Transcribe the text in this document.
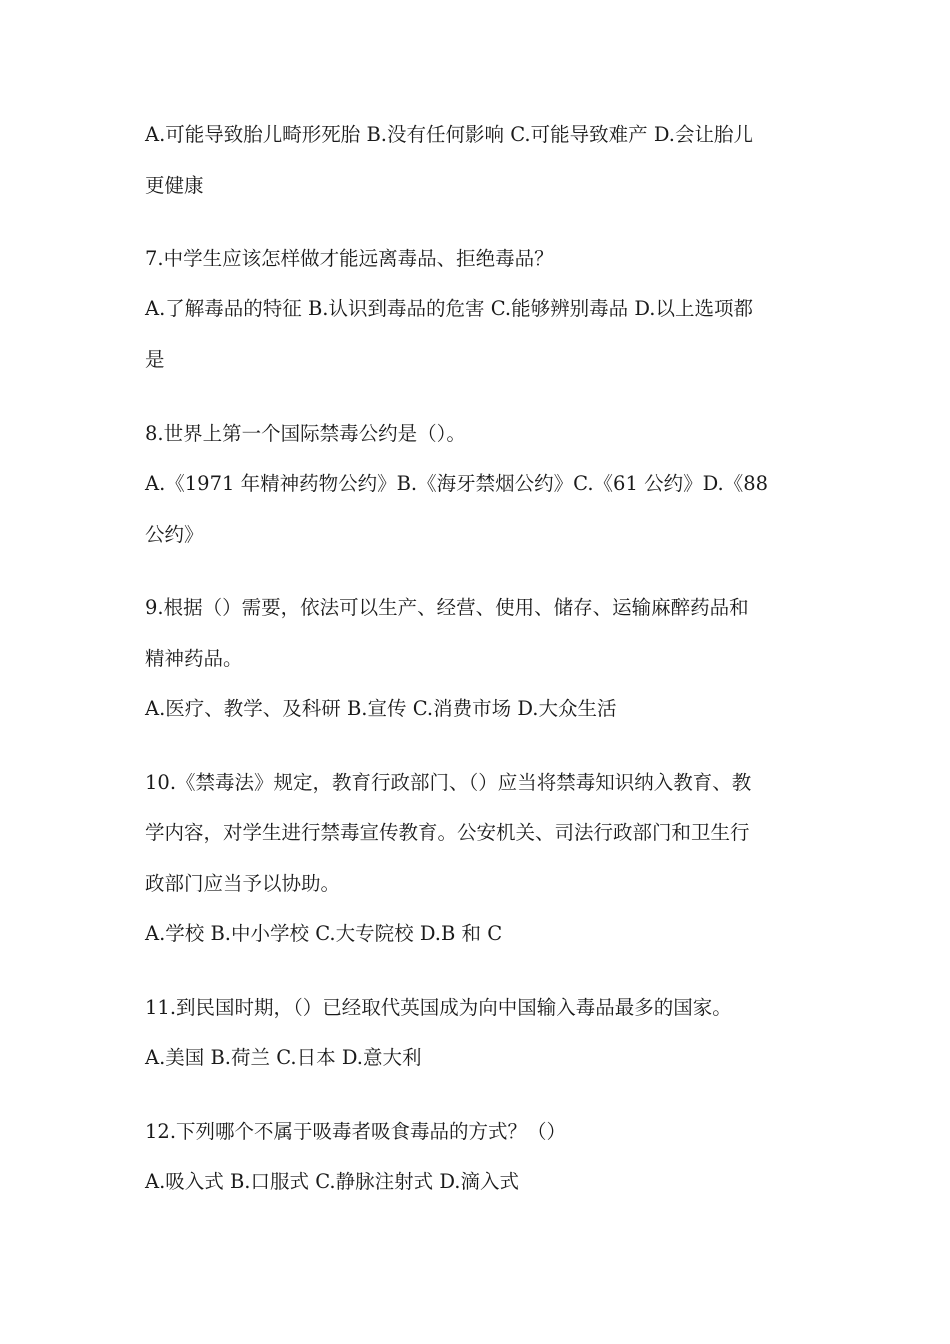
A.可能导致胎儿畸形死胎 B.没有任何影响 C.可能导致难产 D.会让胎儿
更健康
7.中学生应该怎样做才能远离毒品、拒绝毒品？
A.了解毒品的特征 B.认识到毒品的危害 C.能够辨别毒品 D.以上选项都
是
8.世界上第一个国际禁毒公约是（）。
A.《1971 年精神药物公约》B.《海牙禁烟公约》C.《61 公约》D.《88
公约》
9.根据（）需要，依法可以生产、经营、使用、储存、运输麻醉药品和
精神药品。
A.医疗、教学、及科研 B.宣传 C.消费市场 D.大众生活
10.《禁毒法》规定，教育行政部门、（）应当将禁毒知识纳入教育、教
学内容，对学生进行禁毒宣传教育。公安机关、司法行政部门和卫生行
政部门应当予以协助。
A.学校 B.中小学校 C.大专院校 D.B 和 C
11.到民国时期，（）已经取代英国成为向中国输入毒品最多的国家。
A.美国 B.荷兰 C.日本 D.意大利
12.下列哪个不属于吸毒者吸食毒品的方式？（）
A.吸入式 B.口服式 C.静脉注射式 D.滴入式
